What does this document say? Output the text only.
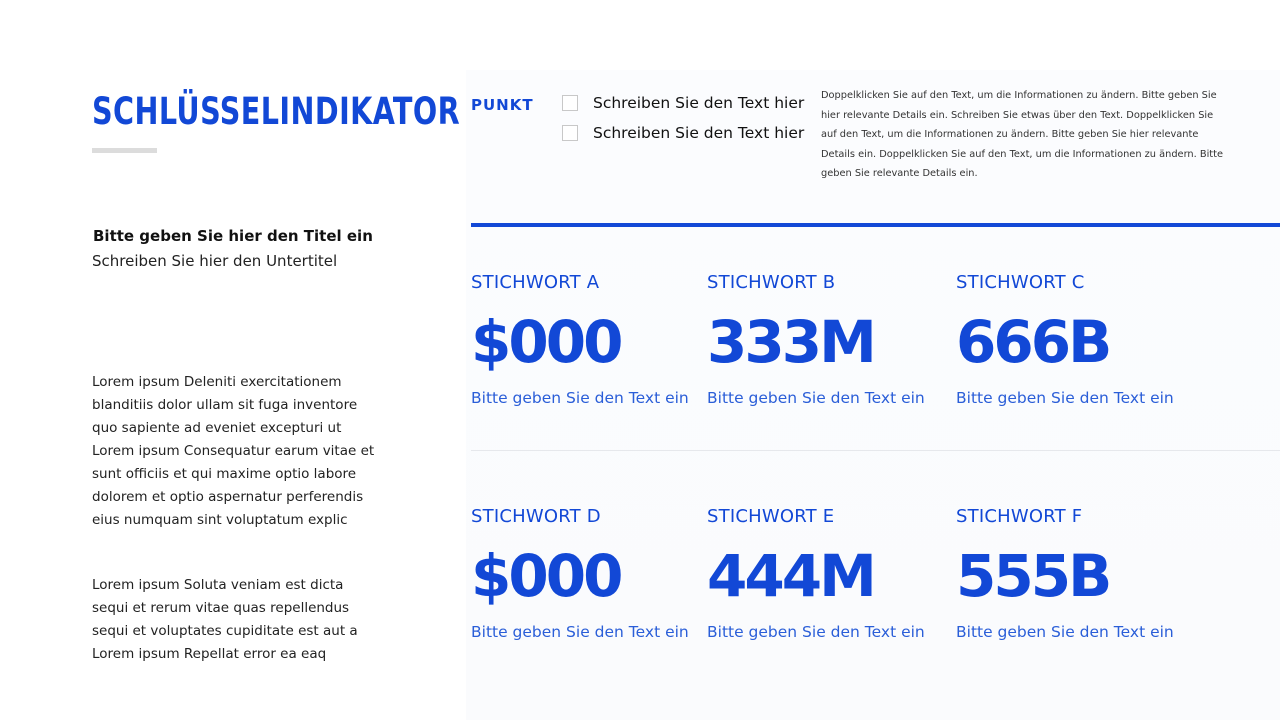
SCHLÜSSELINDIKATOR
Bitte geben Sie hier den Titel ein
Schreiben Sie hier den Untertitel

Lorem ipsum Deleniti exercitationem blanditiis dolor ullam sit fuga inventore quo sapiente ad eveniet excepturi ut

Lorem ipsum Consequatur earum vitae et sunt officiis et qui maxime optio labore dolorem et optio aspernatur perferendis eius numquam sint voluptatum explic

Lorem ipsum Soluta veniam est dicta sequi et rerum vitae quas repellendus sequi et voluptates cupiditate est aut a

Lorem ipsum Repellat error ea eaq

PUNKT	Schreiben Sie den Text hier
Schreiben Sie den Text hier
Doppelklicken Sie auf den Text, um die Informationen zu ändern. Bitte geben Sie hier relevante Details ein. Schreiben Sie etwas über den Text. Doppelklicken Sie auf den Text, um die Informationen zu ändern. Bitte geben Sie hier relevante Details ein. Doppelklicken Sie auf den Text, um die Informationen zu ändern. Bitte geben Sie relevante Details ein.
STICHWORT A
$000
Bitte geben Sie den Text ein
STICHWORT B
333M
Bitte geben Sie den Text ein
STICHWORT C
666B
Bitte geben Sie den Text ein
STICHWORT D
$000
Bitte geben Sie den Text ein
STICHWORT E
444M
Bitte geben Sie den Text ein
STICHWORT F
555B
Bitte geben Sie den Text ein
